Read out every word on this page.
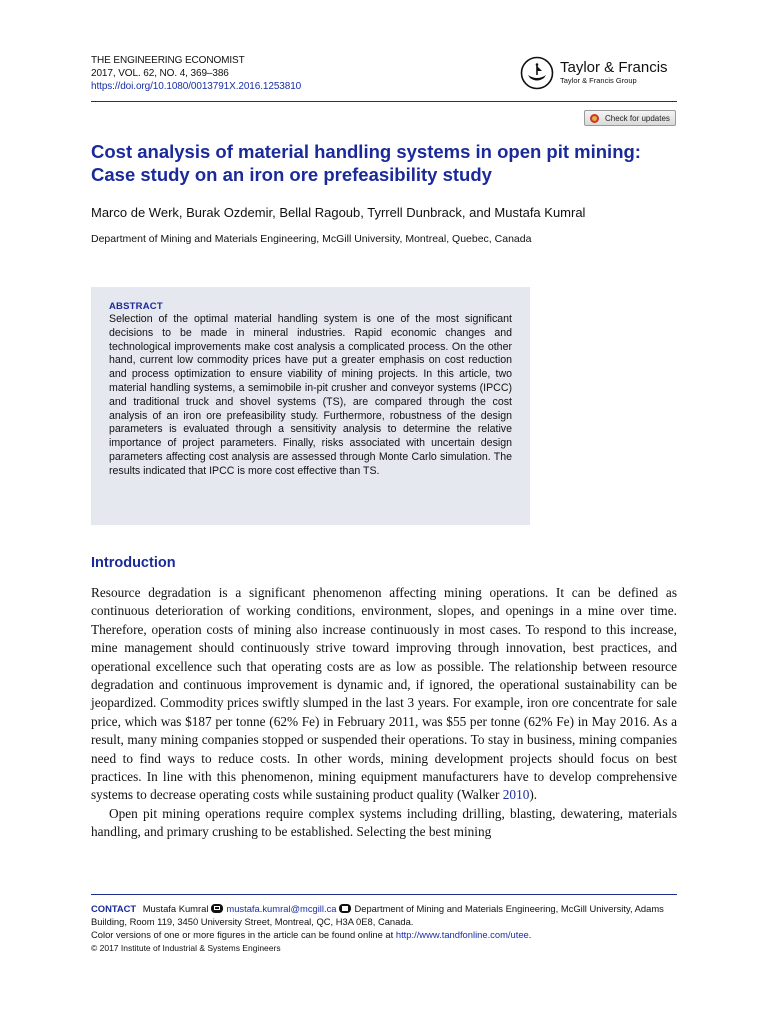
THE ENGINEERING ECONOMIST
2017, VOL. 62, NO. 4, 369–386
https://doi.org/10.1080/0013791X.2016.1253810
Taylor & Francis
Taylor & Francis Group
Check for updates
Cost analysis of material handling systems in open pit mining:
Case study on an iron ore prefeasibility study
Marco de Werk, Burak Ozdemir, Bellal Ragoub, Tyrrell Dunbrack, and Mustafa Kumral
Department of Mining and Materials Engineering, McGill University, Montreal, Quebec, Canada
ABSTRACT
Selection of the optimal material handling system is one of the most significant decisions to be made in mineral industries. Rapid economic changes and technological improvements make cost analysis a complicated process. On the other hand, current low commodity prices have put a greater emphasis on cost reduction and process optimization to ensure viability of mining projects. In this article, two material handling systems, a semimobile in-pit crusher and conveyor systems (IPCC) and traditional truck and shovel systems (TS), are compared through the cost analysis of an iron ore prefeasibility study. Furthermore, robustness of the design parameters is evaluated through a sensitivity analysis to determine the relative importance of project parameters. Finally, risks associated with uncertain design parameters affecting cost analysis are assessed through Monte Carlo simulation. The results indicated that IPCC is more cost effective than TS.
Introduction

Resource degradation is a significant phenomenon affecting mining operations. It can be defined as continuous deterioration of working conditions, environment, slopes, and openings in a mine over time. Therefore, operation costs of mining also increase continuously in most cases. To respond to this increase, mine management should continuously strive toward improving through innovation, best practices, and operational excellence such that operating costs are as low as possible. The relationship between resource degradation and continuous improvement is dynamic and, if ignored, the operational sustainability can be jeopardized. Commodity prices swiftly slumped in the last 3 years. For example, iron ore concentrate for sale price, which was $187 per tonne (62% Fe) in February 2011, was $55 per tonne (62% Fe) in May 2016. As a result, many mining companies stopped or suspended their operations. To stay in business, mining companies need to find ways to reduce costs. In other words, mining development projects should focus on best practices. In line with this phenomenon, mining equipment manufacturers have to develop comprehensive systems to decrease operating costs while sustaining product quality (Walker 2010).

Open pit mining operations require complex systems including drilling, blasting, dewatering, materials handling, and primary crushing to be established. Selecting the best mining

CONTACT Mustafa Kumral mustafa.kumral@mcgill.ca Department of Mining and Materials Engineering, McGill University, Adams Building, Room 119, 3450 University Street, Montreal, QC, H3A 0E8, Canada.
Color versions of one or more figures in the article can be found online at http://www.tandfonline.com/utee.
© 2017 Institute of Industrial & Systems Engineers
